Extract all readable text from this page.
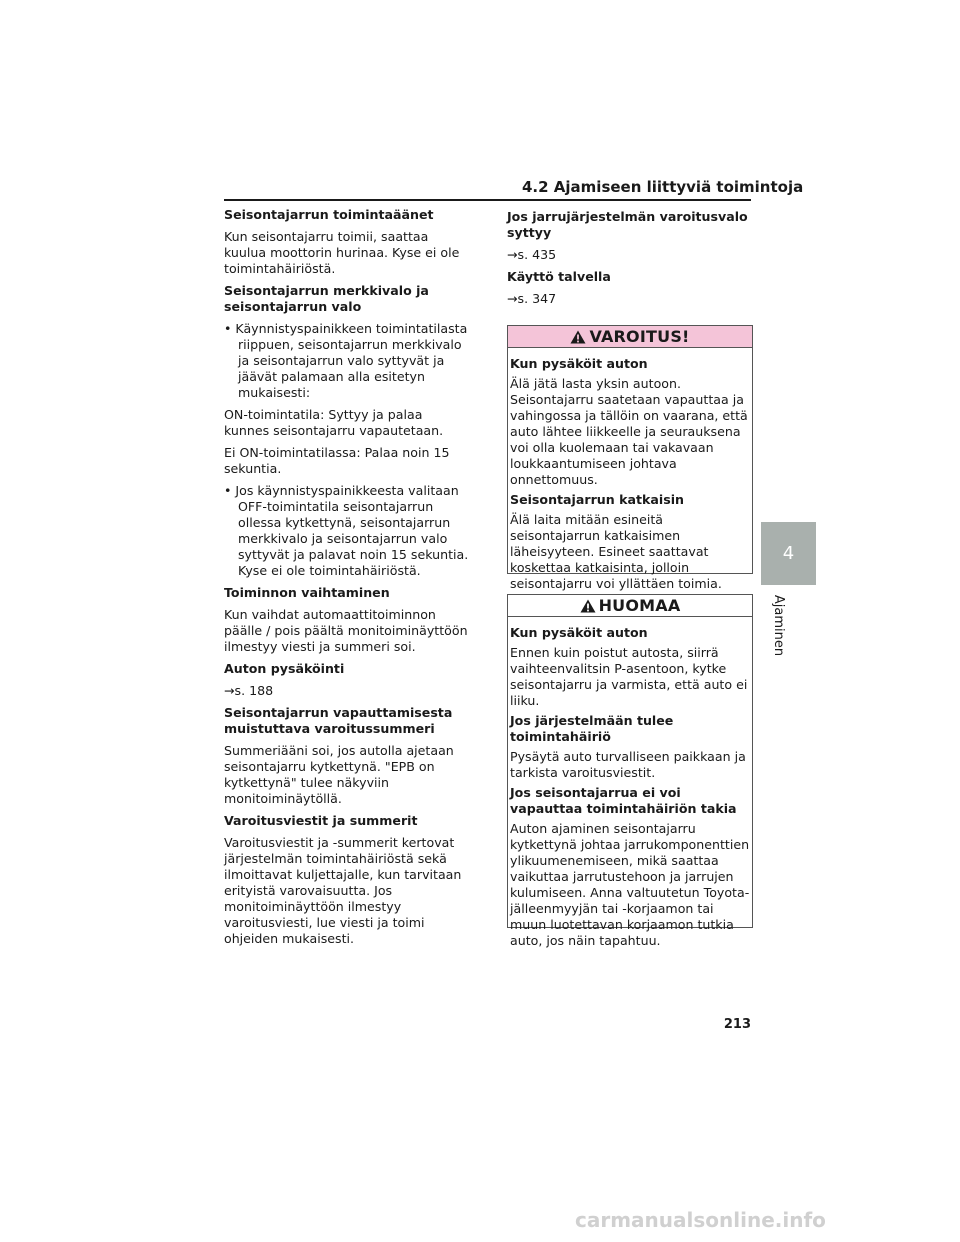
4.2 Ajamiseen liittyviä toimintoja
Seisontajarrun toimintaäänet
Kun seisontajarru toimii, saattaa kuulua moottorin hurinaa. Kyse ei ole toimintahäiriöstä.
Seisontajarrun merkkivalo ja seisontajarrun valo
• Käynnistyspainikkeen toimintatilasta riippuen, seisontajarrun merkkivalo ja seisontajarrun valo syttyvät ja jäävät palamaan alla esitetyn mukaisesti:
ON-toimintatila: Syttyy ja palaa kunnes seisontajarru vapautetaan.
Ei ON-toimintatilassa: Palaa noin 15 sekuntia.
• Jos käynnistyspainikkeesta valitaan OFF-toimintatila seisontajarrun ollessa kytkettynä, seisontajarrun merkkivalo ja seisontajarrun valo syttyvät ja palavat noin 15 sekuntia. Kyse ei ole toimintahäiriöstä.
Toiminnon vaihtaminen
Kun vaihdat automaattitoiminnon päälle / pois päältä monitoiminäyttöön ilmestyy viesti ja summeri soi.
Auton pysäköinti
→s. 188
Seisontajarrun vapauttamisesta muistuttava varoitussummeri
Summeriääni soi, jos autolla ajetaan seisontajarru kytkettynä. "EPB on kytkettynä" tulee näkyviin monitoiminäytöllä.
Varoitusviestit ja summerit
Varoitusviestit ja -summerit kertovat järjestelmän toimintahäiriöstä sekä ilmoittavat kuljettajalle, kun tarvitaan erityistä varovaisuutta. Jos monitoiminäyttöön ilmestyy varoitusviesti, lue viesti ja toimi ohjeiden mukaisesti.
Jos jarrujärjestelmän varoitusvalo syttyy
→s. 435
Käyttö talvella
→s. 347
VAROITUS!
Kun pysäköit auton
Älä jätä lasta yksin autoon. Seisontajarru saatetaan vapauttaa ja vahingossa ja tällöin on vaarana, että auto lähtee liikkeelle ja seurauksena voi olla kuolemaan tai vakavaan loukkaantumiseen johtava onnettomuus.
Seisontajarrun katkaisin
Älä laita mitään esineitä seisontajarrun katkaisimen läheisyyteen. Esineet saattavat koskettaa katkaisinta, jolloin seisontajarru voi yllättäen toimia.
HUOMAA
Kun pysäköit auton
Ennen kuin poistut autosta, siirrä vaihteenvalitsin P-asentoon, kytke seisontajarru ja varmista, että auto ei liiku.
Jos järjestelmään tulee toimintahäiriö
Pysäytä auto turvalliseen paikkaan ja tarkista varoitusviestit.
Jos seisontajarrua ei voi vapauttaa toimintahäiriön takia
Auton ajaminen seisontajarru kytkettynä johtaa jarrukomponenttien ylikuumenemiseen, mikä saattaa vaikuttaa jarrutustehoon ja jarrujen kulumiseen. Anna valtuutetun Toyota-jälleenmyyjän tai -korjaamon tai muun luotettavan korjaamon tutkia auto, jos näin tapahtuu.
4
Ajaminen
213
carmanualsonline.info
